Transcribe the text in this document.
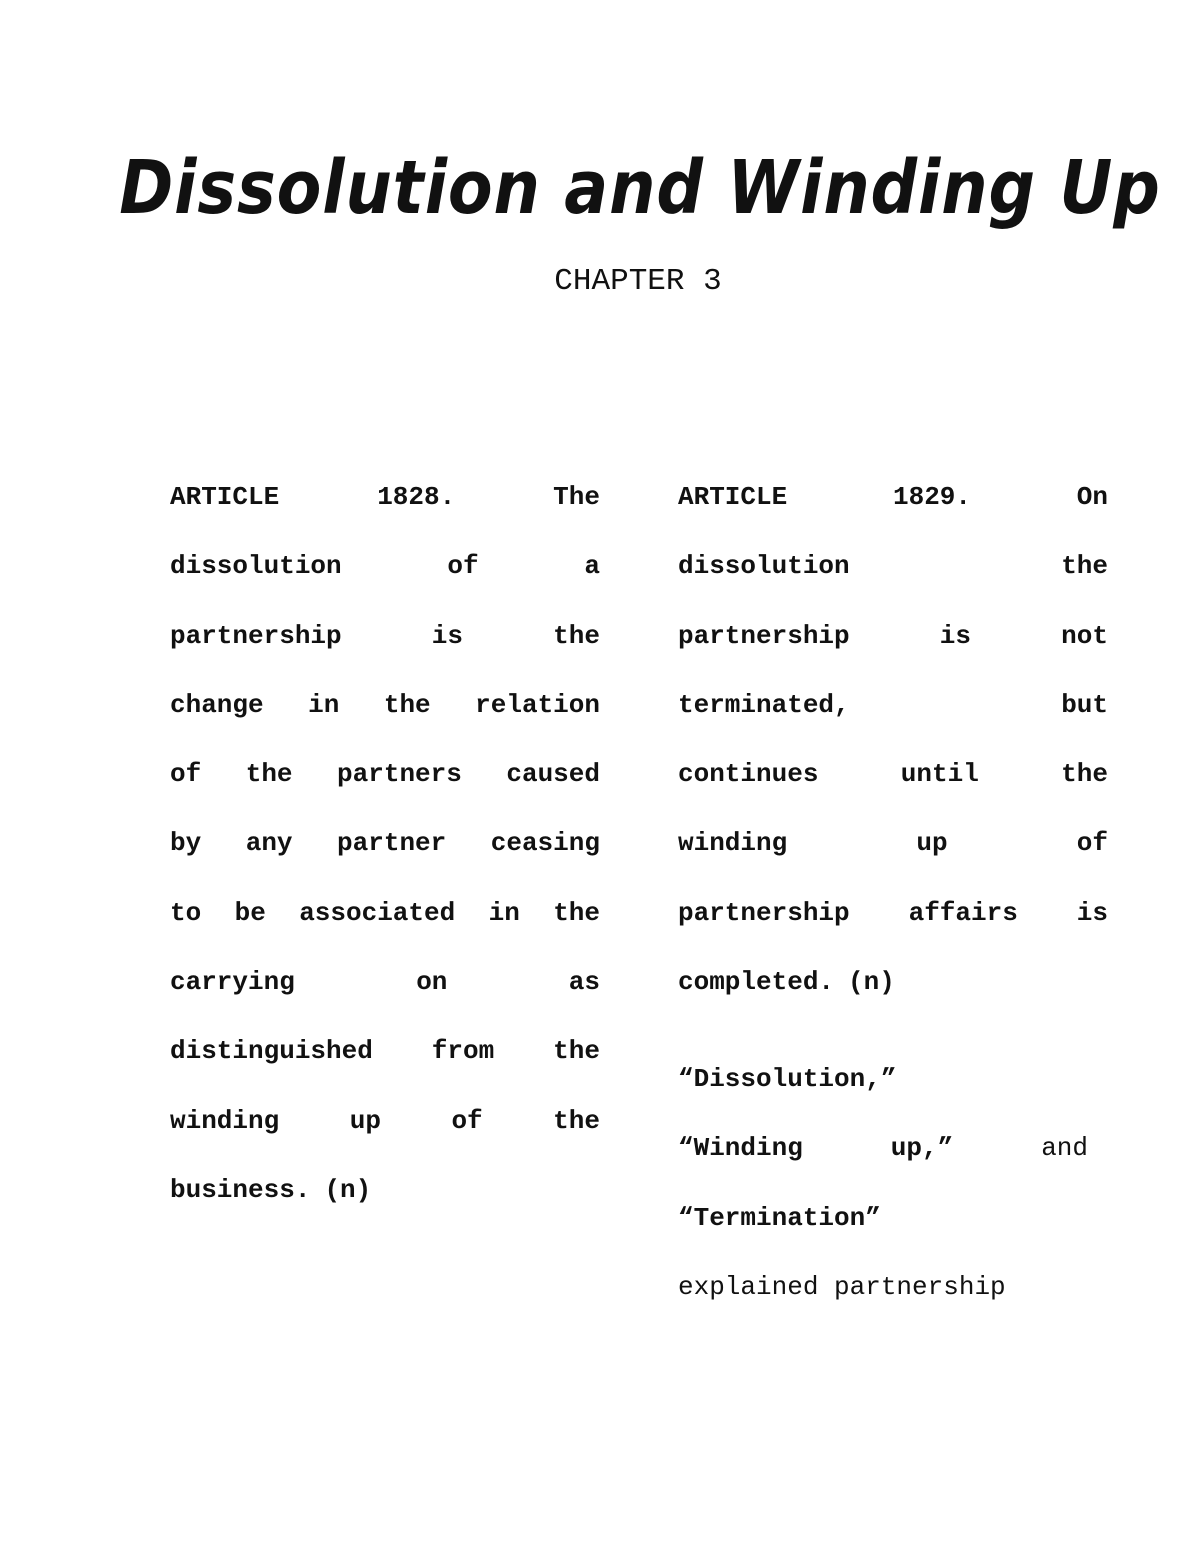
Dissolution and Winding Up
CHAPTER 3
ARTICLE	1828.	The
dissolution	of	a
partnership	is	the
change in the relation
of the partners caused
by any partner ceasing
to be associated in the
carrying	on	as
distinguished from the
winding	up	of	the
business. (n)
ARTICLE	1829.	On
dissolution	the
partnership	is	not
terminated,	but
continues	until	the
winding	up	of
partnership affairs is
completed. (n)
“Dissolution,”
“Winding	up,”	and
“Termination”
explained partnership
